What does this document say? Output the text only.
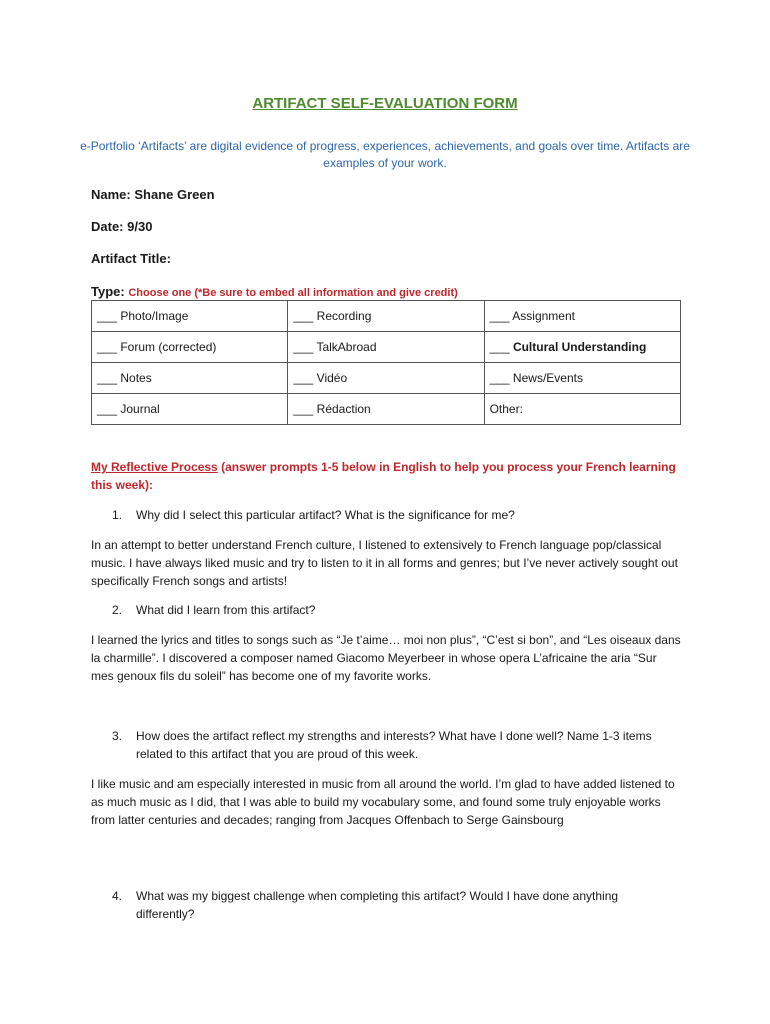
ARTIFACT SELF-EVALUATION FORM
e-Portfolio ‘Artifacts’ are digital evidence of progress, experiences, achievements, and goals over time. Artifacts are examples of your work.
Name: Shane Green
Date: 9/30
Artifact Title:
Type: Choose one (*Be sure to embed all information and give credit)
___ Photo/Image	___ Recording	___ Assignment
___ Forum (corrected)	___ TalkAbroad	___ Cultural Understanding
___ Notes	___ Vidéo	___ News/Events
___ Journal	___ Rédaction	Other:
My Reflective Process (answer prompts 1-5 below in English to help you process your French learning this week):
1. Why did I select this particular artifact? What is the significance for me?
In an attempt to better understand French culture, I listened to extensively to French language pop/classical music. I have always liked music and try to listen to it in all forms and genres; but I’ve never actively sought out specifically French songs and artists!
2. What did I learn from this artifact?
I learned the lyrics and titles to songs such as “Je t’aime… moi non plus”, “C’est si bon”, and “Les oiseaux dans la charmille”. I discovered a composer named Giacomo Meyerbeer in whose opera L’africaine the aria “Sur mes genoux fils du soleil” has become one of my favorite works.
3. How does the artifact reflect my strengths and interests? What have I done well? Name 1-3 items related to this artifact that you are proud of this week.
I like music and am especially interested in music from all around the world. I’m glad to have added listened to as much music as I did, that I was able to build my vocabulary some, and found some truly enjoyable works from latter centuries and decades; ranging from Jacques Offenbach to Serge Gainsbourg
4. What was my biggest challenge when completing this artifact? Would I have done anything differently?
